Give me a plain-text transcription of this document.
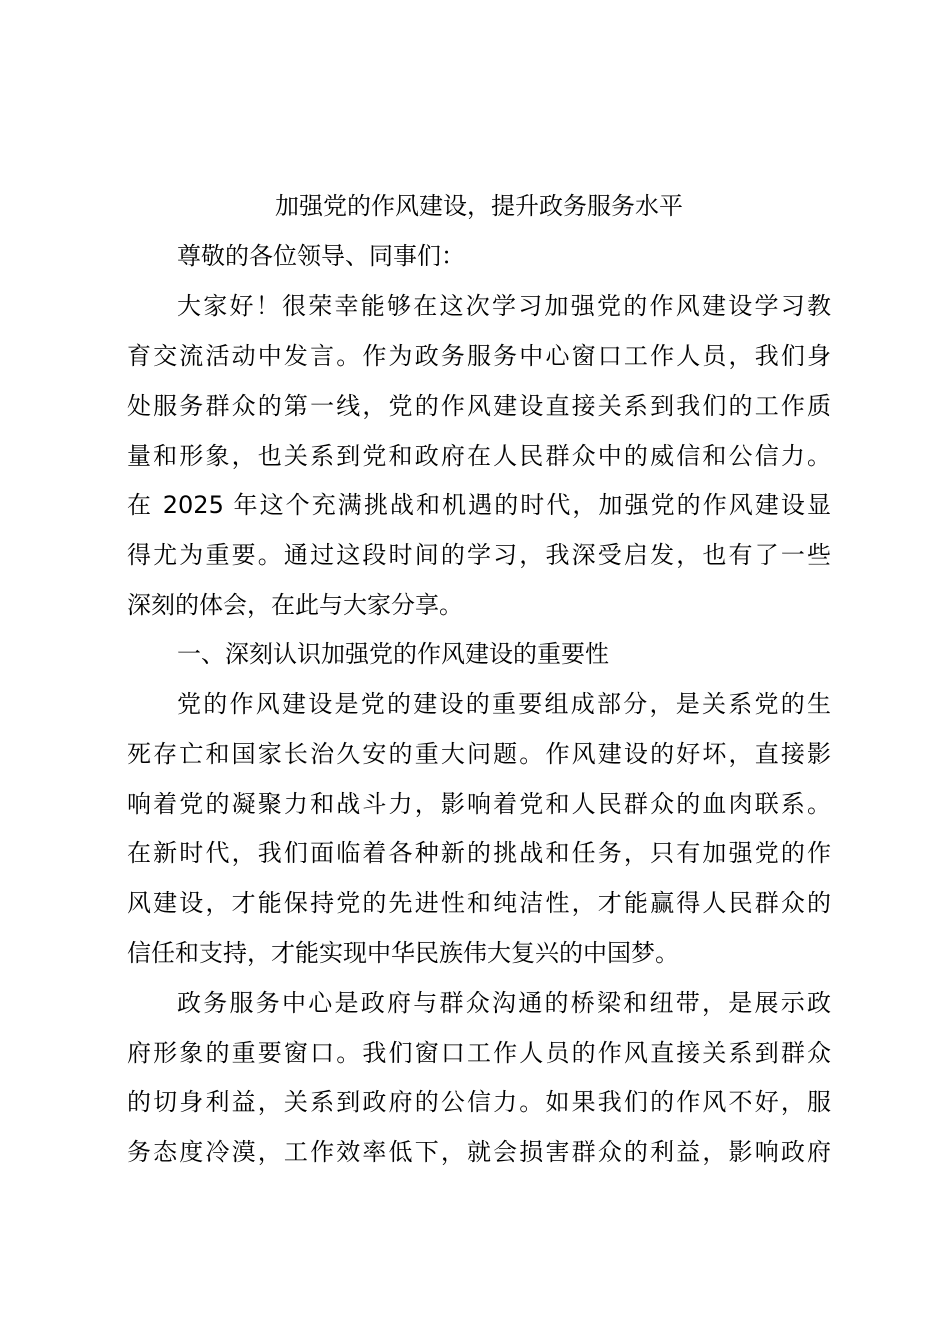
加强党的作风建设，提升政务服务水平

尊敬的各位领导、同事们：

大家好！很荣幸能够在这次学习加强党的作风建设学习教

育交流活动中发言。作为政务服务中心窗口工作人员，我们身

处服务群众的第一线，党的作风建设直接关系到我们的工作质

量和形象，也关系到党和政府在人民群众中的威信和公信力。

在 2025 年这个充满挑战和机遇的时代，加强党的作风建设显

得尤为重要。通过这段时间的学习，我深受启发，也有了一些

深刻的体会，在此与大家分享。

一、深刻认识加强党的作风建设的重要性

党的作风建设是党的建设的重要组成部分，是关系党的生

死存亡和国家长治久安的重大问题。作风建设的好坏，直接影

响着党的凝聚力和战斗力，影响着党和人民群众的血肉联系。

在新时代，我们面临着各种新的挑战和任务，只有加强党的作

风建设，才能保持党的先进性和纯洁性，才能赢得人民群众的

信任和支持，才能实现中华民族伟大复兴的中国梦。

政务服务中心是政府与群众沟通的桥梁和纽带，是展示政

府形象的重要窗口。我们窗口工作人员的作风直接关系到群众

的切身利益，关系到政府的公信力。如果我们的作风不好，服

务态度冷漠，工作效率低下，就会损害群众的利益，影响政府
